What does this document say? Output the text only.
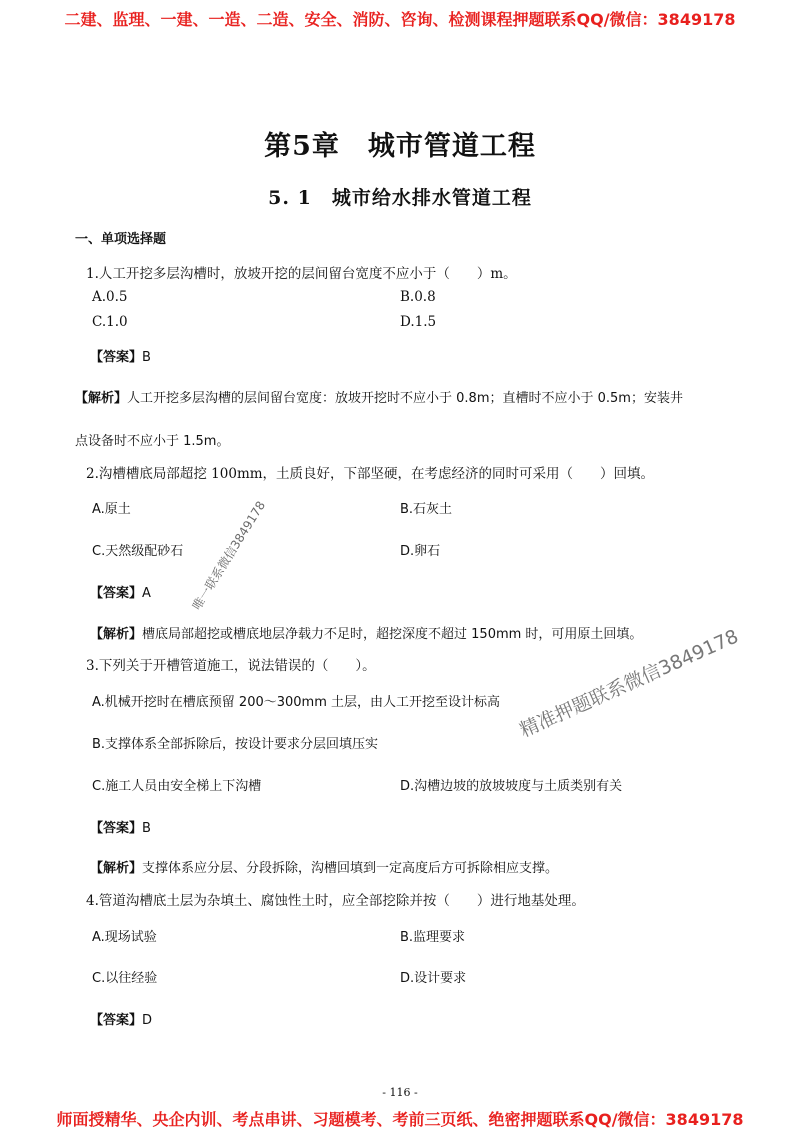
二建、监理、一建、一造、二造、安全、消防、咨询、检测课程押题联系QQ/微信：3849178
第5章　城市管道工程
5. 1　城市给水排水管道工程
一、单项选择题
1.人工开挖多层沟槽时，放坡开挖的层间留台宽度不应小于（　　）m。
A.0.5	B.0.8
C.1.0	D.1.5
【答案】B
【解析】人工开挖多层沟槽的层间留台宽度：放坡开挖时不应小于 0.8m；直槽时不应小于 0.5m；安装井
点设备时不应小于 1.5m。
2.沟槽槽底局部超挖 100mm，土质良好，下部坚硬，在考虑经济的同时可采用（　　）回填。
A.原土	B.石灰土
C.天然级配砂石	D.卵石
【答案】A
【解析】槽底局部超挖或槽底地层净载力不足时，超挖深度不超过 150mm 时，可用原土回填。
3.下列关于开槽管道施工，说法错误的（　　）。
A.机械开挖时在槽底预留 200～300mm 土层，由人工开挖至设计标高
B.支撑体系全部拆除后，按设计要求分层回填压实
C.施工人员由安全梯上下沟槽	D.沟槽边坡的放坡坡度与土质类别有关
【答案】B
【解析】支撑体系应分层、分段拆除，沟槽回填到一定高度后方可拆除相应支撑。
4.管道沟槽底土层为杂填土、腐蚀性土时，应全部挖除并按（　　）进行地基处理。
A.现场试验	B.监理要求
C.以往经验	D.设计要求
【答案】D
唯一联系微信3849178
精准押题联系微信3849178
- 116 -
师面授精华、央企内训、考点串讲、习题模考、考前三页纸、绝密押题联系QQ/微信：3849178
